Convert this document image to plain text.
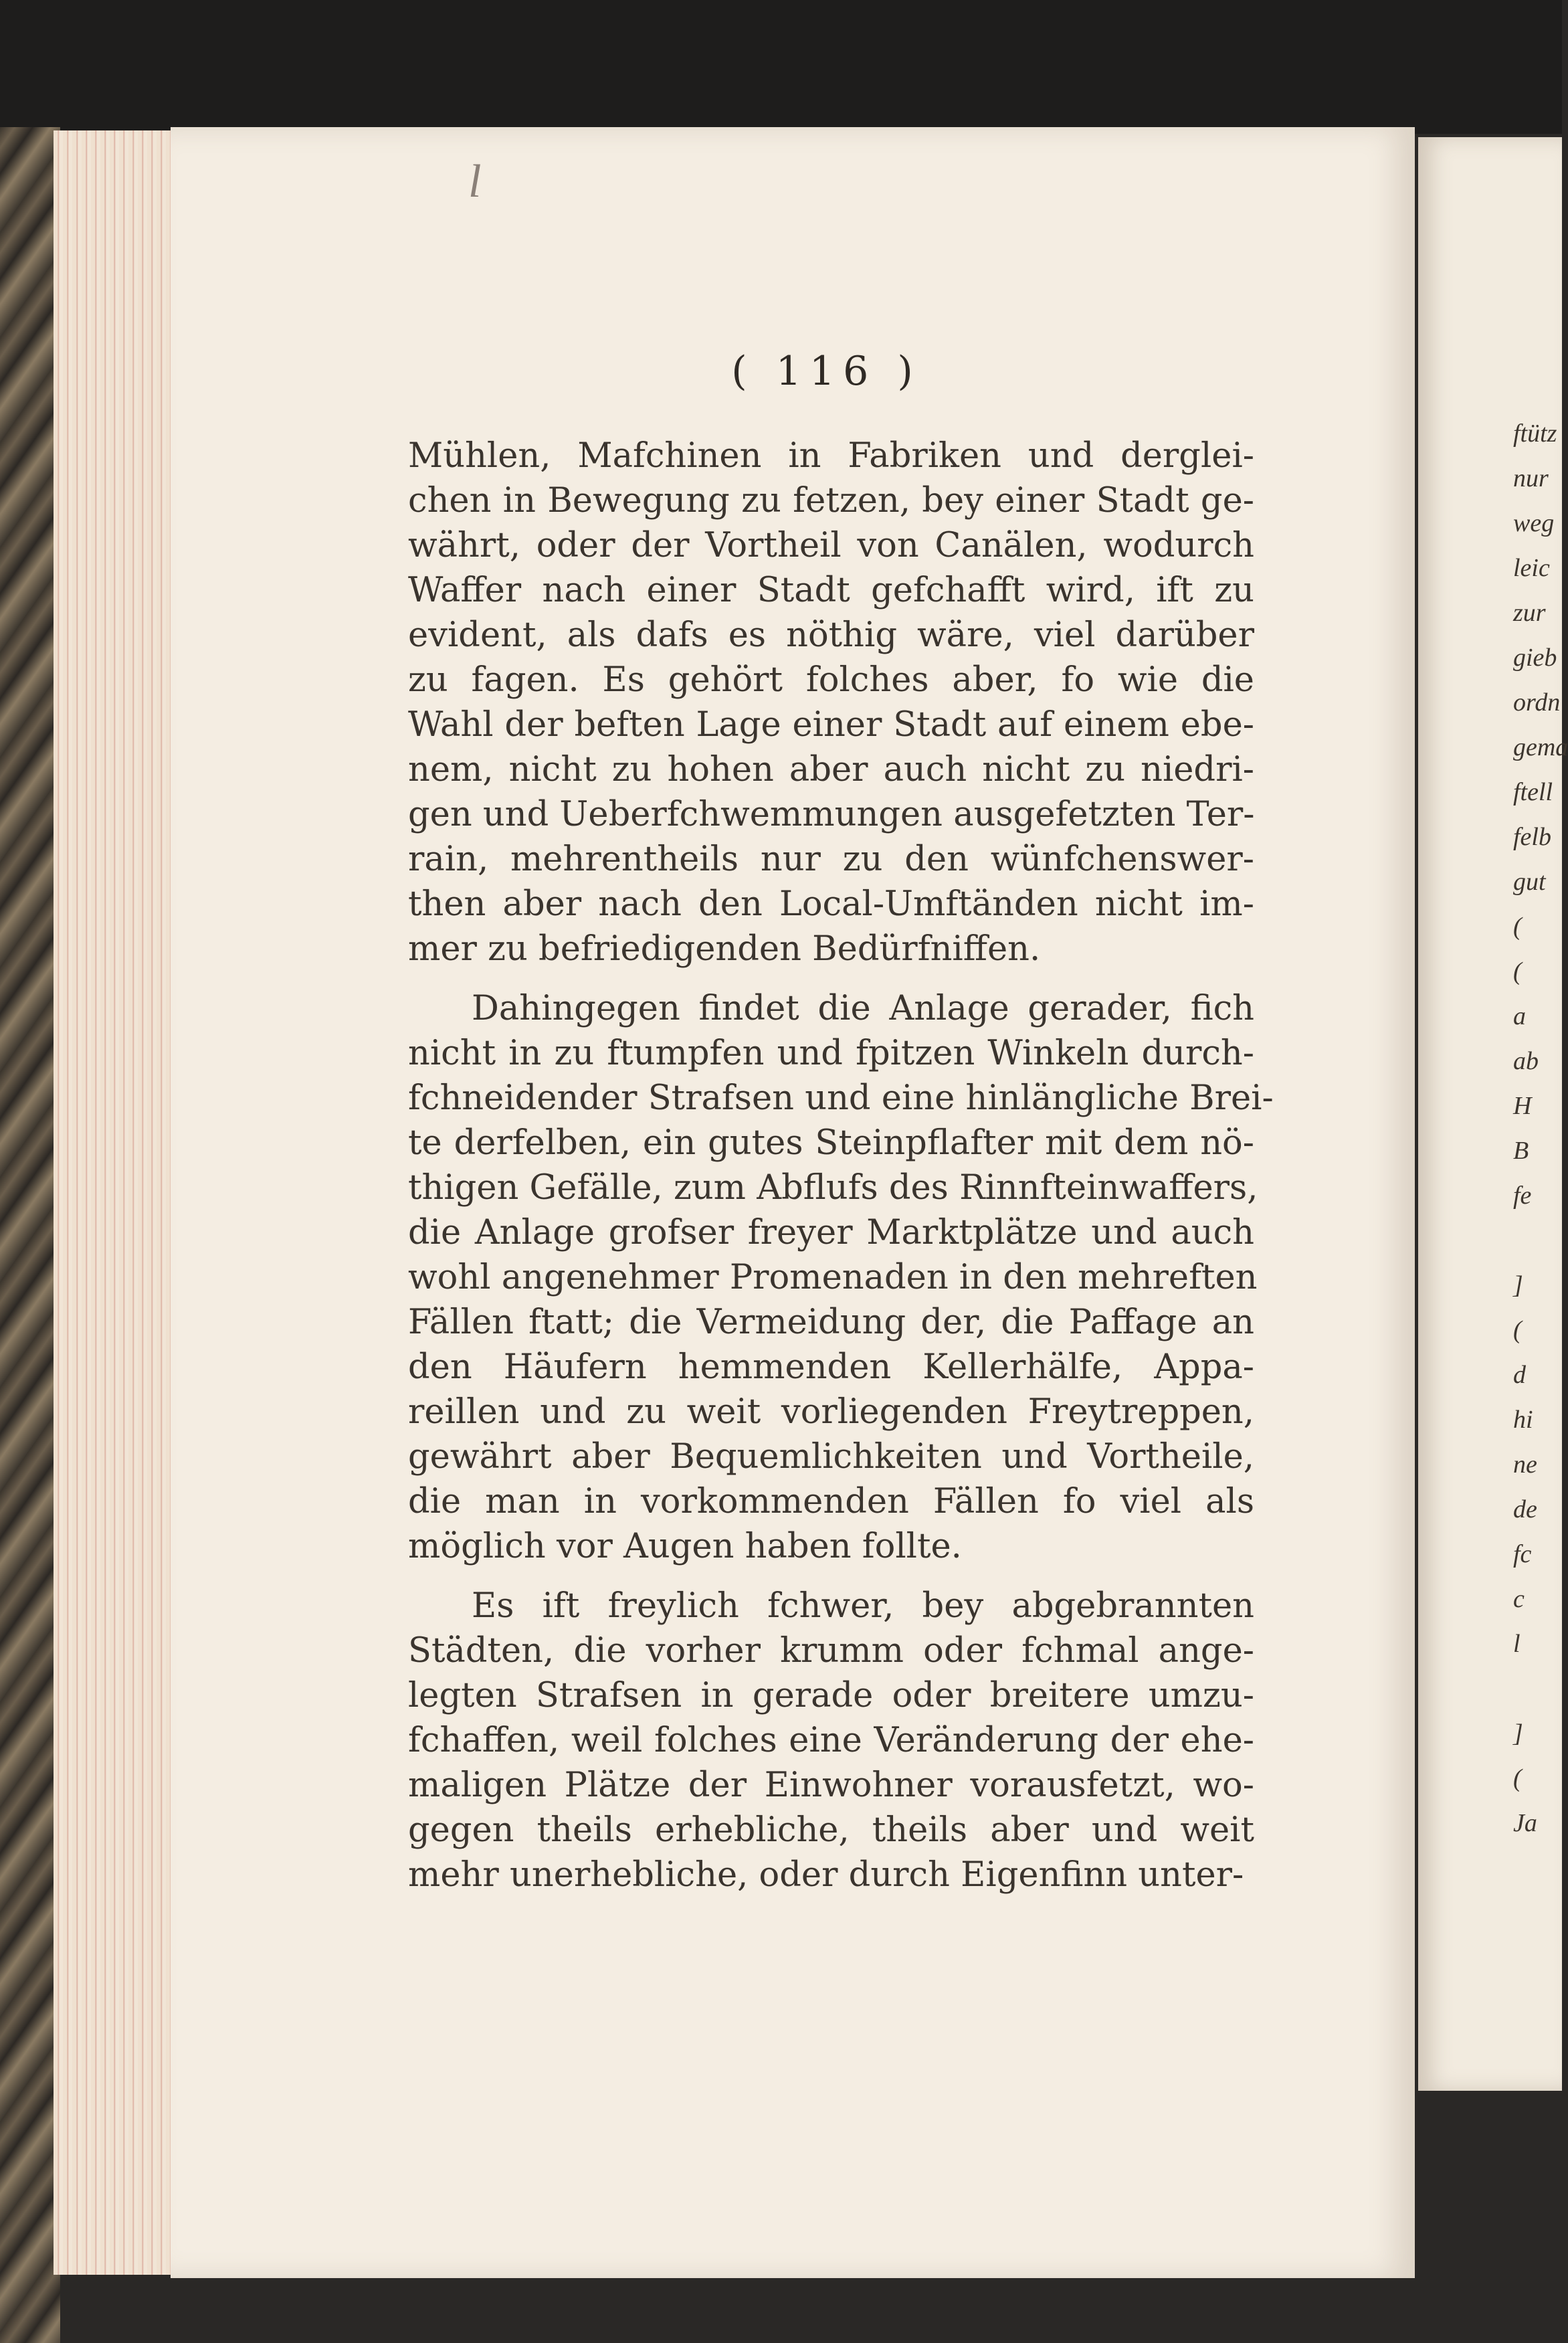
ftütz
nur
weg
leic
zur
gieb
ordn
gema
ftell
felb
gut
(
(
a
ab
H
B
fe
]
(
d
hi
ne
de
fc
c
l
]
(
Ja
l
( 116 )
Mühlen, Mafchinen in Fabriken und derglei-
chen in Bewegung zu fetzen, bey einer Stadt ge-
währt, oder der Vortheil von Canälen, wodurch
Waffer nach einer Stadt gefchafft wird, ift zu
evident, als dafs es nöthig wäre, viel darüber
zu fagen. Es gehört folches aber, fo wie die
Wahl der beften Lage einer Stadt auf einem ebe-
nem, nicht zu hohen aber auch nicht zu niedri-
gen und Ueberfchwemmungen ausgefetzten Ter-
rain, mehrentheils nur zu den wünfchenswer-
then aber nach den Local-Umftänden nicht im-
mer zu befriedigenden Bedürfniffen.
Dahingegen findet die Anlage gerader, fich
nicht in zu ftumpfen und fpitzen Winkeln durch-
fchneidender Strafsen und eine hinlängliche Brei-
te derfelben, ein gutes Steinpflafter mit dem nö-
thigen Gefälle, zum Abflufs des Rinnfteinwaffers,
die Anlage grofser freyer Marktplätze und auch
wohl angenehmer Promenaden in den mehreften
Fällen ftatt; die Vermeidung der, die Paffage an
den Häufern hemmenden Kellerhälfe, Appa-
reillen und zu weit vorliegenden Freytreppen,
gewährt aber Bequemlichkeiten und Vortheile,
die man in vorkommenden Fällen fo viel als
möglich vor Augen haben follte.
Es ift freylich fchwer, bey abgebrannten
Städten, die vorher krumm oder fchmal ange-
legten Strafsen in gerade oder breitere umzu-
fchaffen, weil folches eine Veränderung der ehe-
maligen Plätze der Einwohner vorausfetzt, wo-
gegen theils erhebliche, theils aber und weit
mehr unerhebliche, oder durch Eigenfinn unter-
